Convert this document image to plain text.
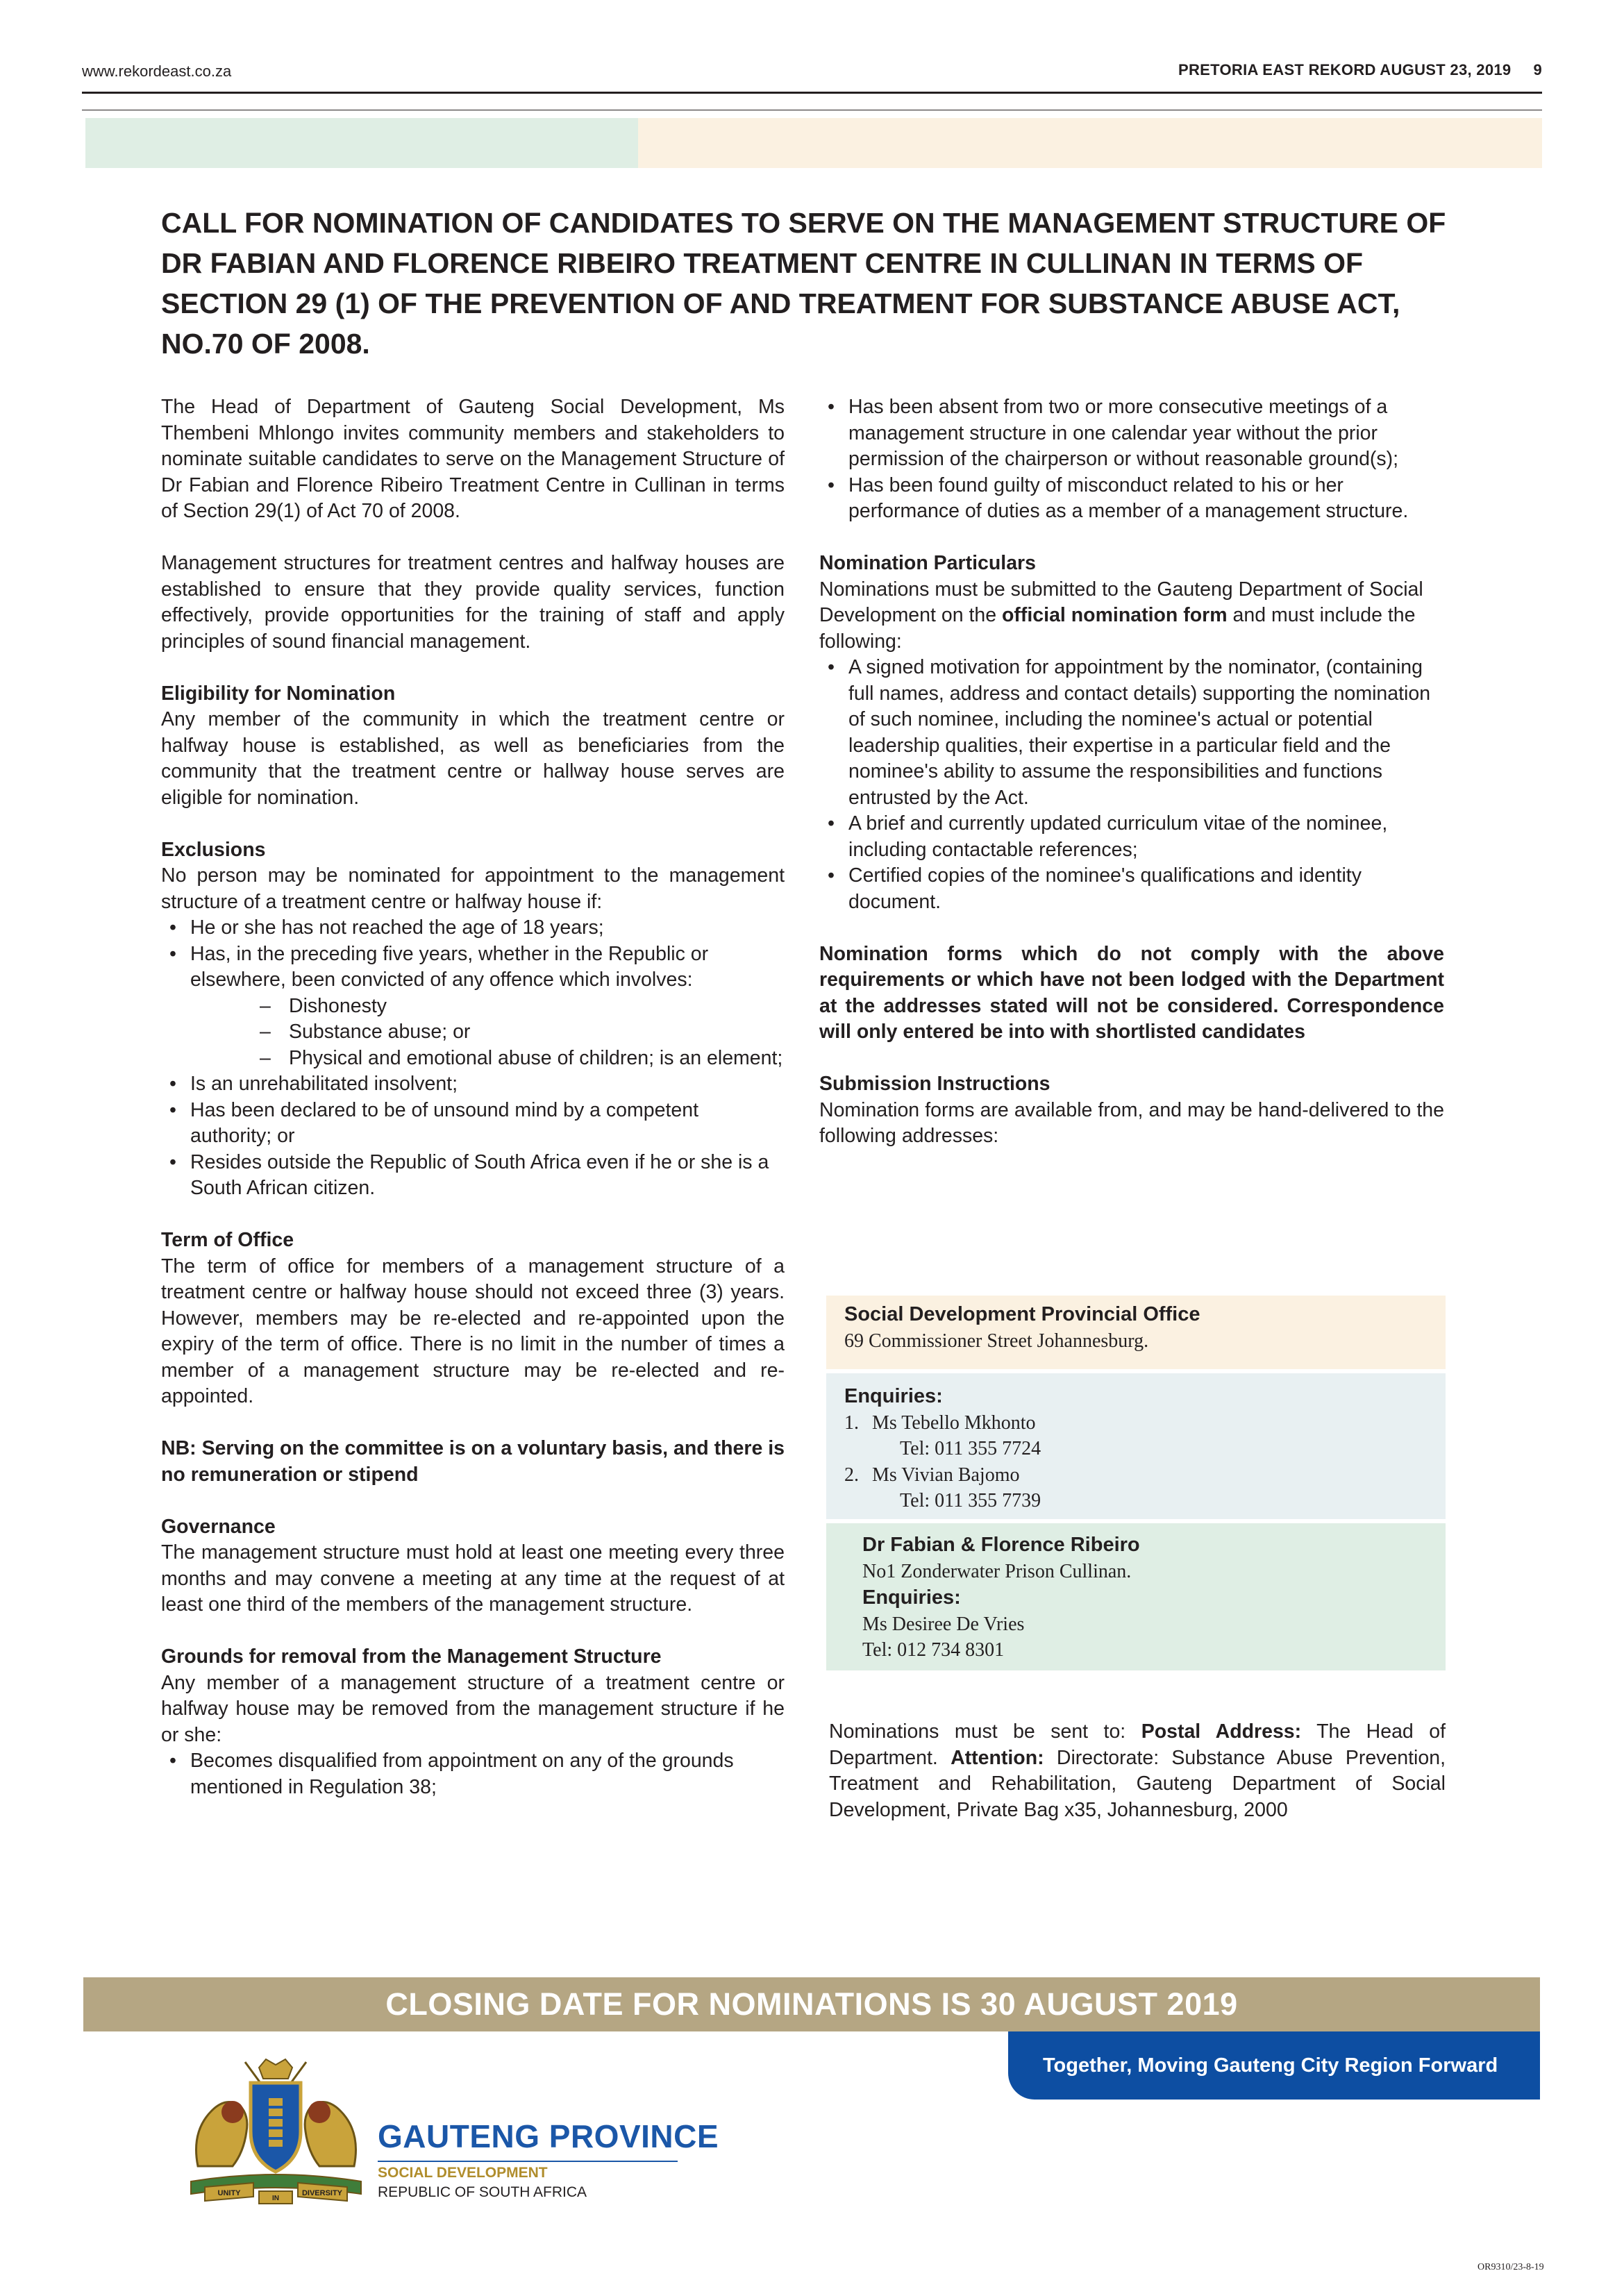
www.rekordeast.co.za	PRETORIA EAST REKORD AUGUST 23, 2019 9
CALL FOR NOMINATION OF CANDIDATES TO SERVE ON THE MANAGEMENT STRUCTURE OF DR FABIAN AND FLORENCE RIBEIRO TREATMENT CENTRE IN CULLINAN IN TERMS OF SECTION 29 (1) OF THE PREVENTION OF AND TREATMENT FOR SUBSTANCE ABUSE ACT, NO.70 OF 2008.

The Head of Department of Gauteng Social Development, Ms Thembeni Mhlongo invites community members and stakeholders to nominate suitable candidates to serve on the Management Structure of Dr Fabian and Florence Ribeiro Treatment Centre in Cullinan in terms of Section 29(1) of Act 70 of 2008.

Management structures for treatment centres and halfway houses are established to ensure that they provide quality services, function effectively, provide opportunities for the training of staff and apply principles of sound financial management.

Eligibility for Nomination

Any member of the community in which the treatment centre or halfway house is established, as well as beneficiaries from the community that the treatment centre or hallway house serves are eligible for nomination.

Exclusions

No person may be nominated for appointment to the management structure of a treatment centre or halfway house if:

• He or she has not reached the age of 18 years;
• Has, in the preceding five years, whether in the Republic or elsewhere, been convicted of any offence which involves:
– Dishonesty
– Substance abuse; or
– Physical and emotional abuse of children; is an element;
• Is an unrehabilitated insolvent;
• Has been declared to be of unsound mind by a competent authority; or
• Resides outside the Republic of South Africa even if he or she is a South African citizen.
Term of Office

The term of office for members of a management structure of a treatment centre or halfway house should not exceed three (3) years. However, members may be re-elected and re-appointed upon the expiry of the term of office. There is no limit in the number of times a member of a management structure may be re-elected and re-appointed.

NB: Serving on the committee is on a voluntary basis, and there is no remuneration or stipend

Governance

The management structure must hold at least one meeting every three months and may convene a meeting at any time at the request of at least one third of the members of the management structure.

Grounds for removal from the Management Structure

Any member of a management structure of a treatment centre or halfway house may be removed from the management structure if he or she:

• Becomes disqualified from appointment on any of the grounds mentioned in Regulation 38;
• Has been absent from two or more consecutive meetings of a management structure in one calendar year without the prior permission of the chairperson or without reasonable ground(s);
• Has been found guilty of misconduct related to his or her performance of duties as a member of a management structure.
Nomination Particulars

Nominations must be submitted to the Gauteng Department of Social Development on the official nomination form and must include the following:

• A signed motivation for appointment by the nominator, (containing full names, address and contact details) supporting the nomination of such nominee, including the nominee's actual or potential leadership qualities, their expertise in a particular field and the nominee's ability to assume the responsibilities and functions entrusted by the Act.
• A brief and currently updated curriculum vitae of the nominee, including contactable references;
• Certified copies of the nominee's qualifications and identity document.

Nomination forms which do not comply with the above requirements or which have not been lodged with the Department at the addresses stated will not be considered. Correspondence will only entered be into with shortlisted candidates

Submission Instructions

Nomination forms are available from, and may be hand-delivered to the following addresses:

Social Development Provincial Office
69 Commissioner Street Johannesburg.
Enquiries:
1. Ms Tebello Mkhonto
Tel: 011 355 7724
2. Ms Vivian Bajomo
Tel: 011 355 7739
Dr Fabian & Florence Ribeiro
No1 Zonderwater Prison Cullinan.
Enquiries:
Ms Desiree De Vries
Tel: 012 734 8301

Nominations must be sent to: Postal Address: The Head of Department. Attention: Directorate: Substance Abuse Prevention, Treatment and Rehabilitation, Gauteng Department of Social Development, Private Bag x35, Johannesburg, 2000

CLOSING DATE FOR NOMINATIONS IS 30 AUGUST 2019
Together, Moving Gauteng City Region Forward
UNITY
IN
DIVERSITY
GAUTENG PROVINCE
SOCIAL DEVELOPMENT
REPUBLIC OF SOUTH AFRICA
OR9310/23-8-19
